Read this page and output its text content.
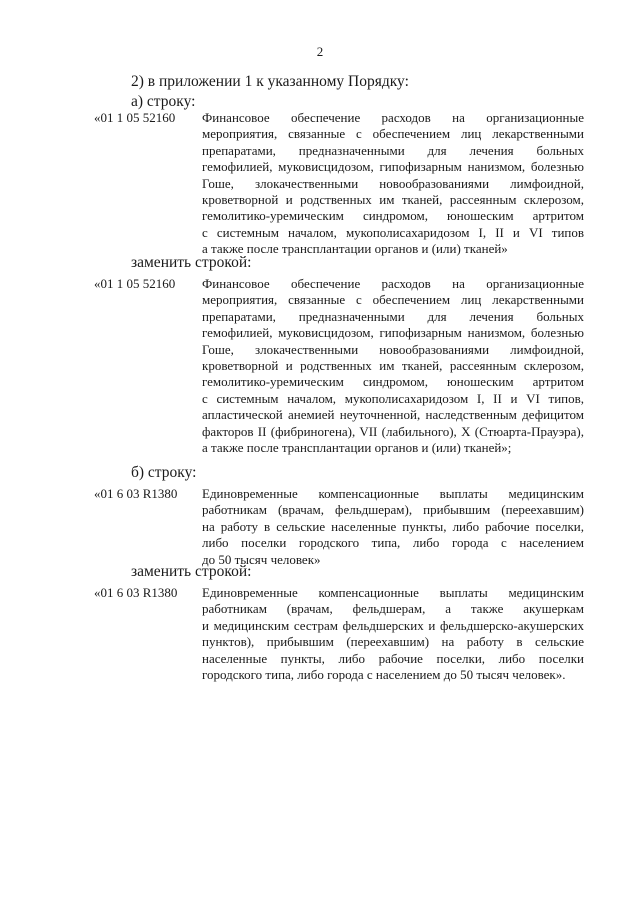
2
2) в приложении 1 к указанному Порядку:
а) строку:
«01 1 05 52160	Финансовое обеспечение расходов на организационные
мероприятия, связанные с обеспечением лиц лекарственными
препаратами, предназначенными для лечения больных
гемофилией, муковисцидозом, гипофизарным нанизмом, болезнью
Гоше, злокачественными новообразованиями лимфоидной,
кроветворной и родственных им тканей, рассеянным склерозом,
гемолитико-уремическим синдромом, юношеским артритом
с системным началом, мукополисахаридозом I, II и VI типов
а также после трансплантации органов и (или) тканей»
заменить строкой:
«01 1 05 52160	Финансовое обеспечение расходов на организационные
мероприятия, связанные с обеспечением лиц лекарственными
препаратами, предназначенными для лечения больных
гемофилией, муковисцидозом, гипофизарным нанизмом, болезнью
Гоше, злокачественными новообразованиями лимфоидной,
кроветворной и родственных им тканей, рассеянным склерозом,
гемолитико-уремическим синдромом, юношеским артритом
с системным началом, мукополисахаридозом I, II и VI типов,
апластической анемией неуточненной, наследственным дефицитом
факторов II (фибриногена), VII (лабильного), X (Стюарта-Прауэра),
а также после трансплантации органов и (или) тканей»;
б) строку:
«01 6 03 R1380	Единовременные компенсационные выплаты медицинским
работникам (врачам, фельдшерам), прибывшим (переехавшим)
на работу в сельские населенные пункты, либо рабочие поселки,
либо поселки городского типа, либо города с населением
до 50 тысяч человек»
заменить строкой:
«01 6 03 R1380	Единовременные компенсационные выплаты медицинским
работникам (врачам, фельдшерам, а также акушеркам
и медицинским сестрам фельдшерских и фельдшерско-акушерских
пунктов), прибывшим (переехавшим) на работу в сельские
населенные пункты, либо рабочие поселки, либо поселки
городского типа, либо города с населением до 50 тысяч человек».
